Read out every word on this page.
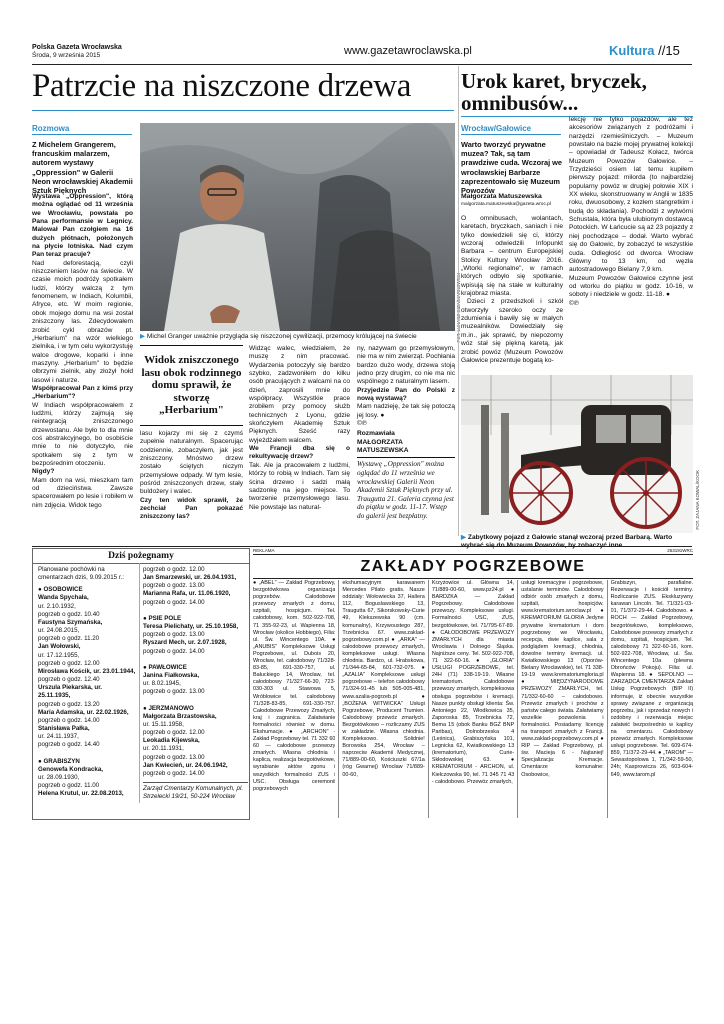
Polska Gazeta Wrocławska
Środa, 9 września 2015	www.gazetawroclawska.pl	Kultura //15
Patrzcie na niszczone drzewa
Rozmowa
Z Michelem Grangerem, francuskim malarzem, autorem wystawy „Oppression" w Galerii Neon wrocławskiej Akademii Sztuk Pięknych
Wystawa „Oppression", którą można oglądać od 11 września we Wrocławiu, powstała po Pana performansie w Legnicy. Malował Pan czołgiem na 16 dużych płótnach, położonych na płycie lotniska. Nad czym Pan teraz pracuje?
Nad deforestacją, czyli niszczeniem lasów na świecie. W czasie moich podróży spotkałem ludzi, którzy walczą z tym fenomenem, w Indiach, Kolumbii, Afryce, etc. W moim regionie, obok mojego domu na wsi został zniszczony las. Zdecydowałem zrobić cykl obrazów pt. „Herbarium" na wzór wielkiego zielnika, i w tym celu wykorzystuję walce drogowe, koparki i inne maszyny. „Herbarium" to będzie olbrzymi zielnik, aby złożył hołd lasowi i naturze.
Współpracował Pan z kimś przy „Herbarium"?
W Indiach współpracowałem z ludźmi, którzy zajmują się reintegracją zniszczonego drzewostanu. Ale było to dla mnie coś abstrakcyjnego, bo osobiście mnie to nie dotyczyło, nie spotkałem się z tym w bezpośrednim otoczeniu.
Nigdy?
Mam dom na wsi, mieszkam tam od dzieciństwa. Zawsze spacerowałem po lesie i robiłem w nim zdjęcia. Widok tego
▶ Michel Granger uważnie przygląda się niszczonej cywilizacji, przemocy królującej na świecie
Widok zniszczonego lasu obok rodzinnego domu sprawił, że stworzę „Herbarium"
lasu kojarzy mi się z czymś zupełnie naturalnym. Spacerując codziennie, zobaczyłem, jak jest zniszczony. Mnóstwo drzew zostało ściętych niczym przemysłowe odpady. W tym lesie, pośród zniszczonych drzew, stały buldożery i walec.
Czy ten widok sprawił, że zechciał Pan pokazać zniszczony las?
Widząc walec, wiedziałem, że muszę z nim pracować. Wydarzenia potoczyły się bardzo szybko, zadzwoniłem do kilku osób pracujących z walcami na co dzień, zaprosili mnie do współpracy. Wszystkie prace zrobiłem przy pomocy służb technicznych z Lyonu, gdzie skończyłem Akademię Sztuk Pięknych. Sześć razy wyjeżdżałem walcem.
We Francji dba się o rekultywację drzew?
Tak. Ale ja pracowałem z ludźmi, którzy to robią w Indiach. Tam się ścina drzewo i sadzi małą sadzonkę na jego miejsce. To tworzenie przemysłowego lasu. Nie powstaje las natural-
ny, nazywam go przemysłowym, nie ma w nim zwierząt. Pochłania bardzo dużo wody, drzewa stoją jedno przy drugim, co nie ma nic wspólnego z naturalnym lasem.
Przyjedzie Pan do Polski z nową wystawą?
Mam nadzieję, że tak się potoczą jej losy. ●
©℗
Rozmawiała
MAŁGORZATA MATUSZEWSKA
Wystawę „Oppression" można oglądać do 11 września we wrocławskiej Galerii Neon Akademii Sztuk Pięknych przy ul. Traugutta 21. Galeria czynna jest do piątku w godz. 11-17. Wstęp do galerii jest bezpłatny.
Urok karet, bryczek, omnibusów...
Wrocław/Gałowice
Warto tworzyć prywatne muzea? Tak, są tam prawdziwe cuda. Wczoraj we wrocławskiej Barbarze zaprezentowało się Muzeum Powozów
Małgorzata Matuszewska
malgorzata.matuszewska@gazeta.wroc.pl
O omnibusach, wolantach, karetach, bryczkach, saniach i nie tylko dowiedzieli się ci, którzy wczoraj odwiedzili Infopunkt Barbara – centrum Europejskiej Stolicy Kultury Wrocław 2016. „Wtorki regionalne", w ramach których odbyło się spotkanie, wpisują się na stałe w kulturalny krajobraz miasta.
Dzieci z przedszkoli i szkół otworzyły szeroko oczy ze zdumienia i bawiły się w małych muzealników. Dowiedziały się m.in., jak sprawić, by niepozorny wóz stał się piękną karetą, jak zrobić powóz (Muzeum Powozów Gałowice prezentuje bogatą ko-
lekcję nie tylko pojazdów, ale też akcesoriów związanych z podróżami i narzędzi rzemieślniczych. – Muzeum powstało na bazie mojej prywatnej kolekcji – opowiadał dr Tadeusz Kołacz, twórca Muzeum Powozów Gałowice. – Trzydzieści osiem lat temu kupiłem pierwszy pojazd: milorda (to najbardziej popularny powóz w drugiej połowie XIX i XX wieku, skonstruowany w Anglii w 1835 roku, dwuosobowy, z kozłem stangretkim i budą do składania). Pochodzi z wytwórni Schustala, która była ulubionym dostawcą Potockich. W Łańcucie są aż 23 pojazdy z niej pochodzące – dodał. Warto wybrać się do Gałowic, by zobaczyć te wszystkie cuda. Odległość od dworca Wrocław Główny to 13 km, od węzła autostradowego Bielany 7,9 km.
Muzeum Powozów Gałowice czynne jest od wtorku do piątku w godz. 10-16, w soboty i niedziele w godz. 11-18. ●
©℗
FOT. ZAJANA KOWAL/KOOK
▶ Zabytkowy pojazd z Gałowic stanął wczoraj przed Barbarą. Warto
Dziś pożegnamy
Planowane pochówki na cmentarzach dziś, 9.09.2015 r.:
● OSOBOWICE
Wanda Spychała,
ur. 2.10.1932,
pogrzeb o godz. 10.40
Faustyna Szymańska,
ur. 24.08.2015,
pogrzeb o godz. 11.20
Jan Wołowski,
ur. 17.12.1955,
pogrzeb o godz. 12.00
Mirosława Kościk, ur. 23.01.1944,
pogrzeb o godz. 12.40
Urszula Piekarska, ur. 25.11.1935,
pogrzeb o godz. 13.20
Maria Adamska, ur. 22.02.1926,
pogrzeb o godz. 14.00
Stanisława Pałka,
ur. 24.11.1937,
pogrzeb o godz. 14.40

● GRABISZYN
Genowefa Kondracka,
ur. 28.09.1930,
pogrzeb o godz. 11.00
Helena Krutul, ur. 22.08.2013,
pogrzeb o godz. 12.00
Jan Smarzewski, ur. 26.04.1931,
pogrzeb o godz. 13.00
Marianna Rafa, ur. 11.06.1920,
pogrzeb o godz. 14.00

● PSIE POLE
Teresa Pielichaty, ur. 25.10.1958,
pogrzeb o godz. 13.00
Ryszard Mech, ur. 2.07.1928,
pogrzeb o godz. 14.00

● PAWŁOWICE
Janina Fiałkowska,
ur. 8.02.1945,
pogrzeb o godz. 13.00

● JERZMANOWO
Małgorzata Brzastowska,
ur. 15.11.1958,
pogrzeb o godz. 12.00
Leokadia Kijewska,
ur. 20.11.1931,
pogrzeb o godz. 13.00
Jan Kwiecień, ur. 24.06.1942,
pogrzeb o godz. 14.00
Zarząd Cmentarzy Komunalnych, pl. Strzelecki 19/21, 50-224 Wrocław
REKLAMA	253191WRC
ZAKŁADY POGRZEBOWE
● „ABEL" — Zakład Pogrzebowy, bezgotówkowa organizacja pogrzebów. Całodobowe przewozy zmarłych z domu, szpitali, hospicjum. Tel. całodobowy, kom. 502-922-708, 71 355-92-23, ul. Wapienna 18, Wrocław (okolice Hobbiego), Filia: ul. Św. Wincentego 10A. ● „ANUBIS" Kompleksowe Usługi Pogrzebowe, ul. Dubois 20, Wrocław, tel. całodobowy 71/328-83-85, 691-330-757, ul. Bałuckiego 14, Wrocław, tel. całodobowy 71/327-66-30, 723-030-303 ul. Stawowa 5, Wróblowice tel. całodobowy 71/328-83-85, 691-330-757. Całodobowe Przewozy Zmarłych, kraj i zagranica. Załatwianie formalności również w domu. Ekshumacje. ● „ARCHON" - Zakład Pogrzebowy tel. 71 332 60 60 — całodobowe przewozy zmarłych. Własna chłodnia i kaplica, realizacja bezgotówkowe, wyrabianie aktów zgonu i wszystkich formalności ZUS i USC. Obsługa ceremonii pogrzebowych
ekshumacyjnym karawanem Mercedes Pilato gratis. Nasze oddziały: Wołowiecka 37, Hallera 112, Boguslawskiego 13, Traugutta 67, Sikorskowsky-Curie 49, Klekszewska 90 (cm. komunalny), Krzywoustego 287, Trzebnicka 67. www.zaklad-pogrzebowy.com.pl ● „ARKA" — całodobowe przewozy zmarłych, kompleksowe usługi. Własna chłodnia. Bardzo, ul. Hrabskowa, 71/344-65-84, 601-732-075. ● „AZALIA" Kompleksowe usługi pogrzebowe – telefon całodobowy 71/324-91-45 lub 505-005-481, www.azalia-pogrzeb.pl ● „BOŻENA WITWICKA" Usługi Pogrzebowe, Producent Trumien. Całodobowy przewóz zmarłych. Bezgotówkowo – rozliczamy ZUS w zakładzie. Własna chłodnia. Kompleksowo. Solidnie! Borowska 254, Wrocław – naprzeciw Akademii Medycznej, 71/889-00-60, Kościuszki 67/1a (róg Gwarnej) Wrocław 71/889-00-60,
Krzyżowice ul. Główna 14, 71/889-00-60, www.pz24.pl ● BARDZKA — Zakład Pogrzebowy. Całodobowe przewozy. Kompleksowe usługi. Formalności USC, ZUS, bezgotówkowe, tel. 71/795-67-89. ● CAŁODOBOWE PRZEWOZY ZMARŁYCH dla miasta Wrocławia i Dolnego Śląska. Najniższe ceny. Tel. 502-922-708, 71 322-60-16. ● „GLORIA" USŁUGI POGRZEBOWE, tel. 24H (71) 338-19-19. Własne krematorium. Całodobowe przewozy zmarłych, kompleksowa obsługa pogrzebów i kremacji. Nasze punkty obsługi klienta: Św. Antoniego 22, Włodkowica 35, Zaporoska 85, Trzebnicka 72, Bema 15 (obok Banku BGŻ BNP Paribas), Dolnobrzeska 4 (Leśnica), Grabiszyńska 101, Legnicka 62, Kwiatkowskiego 13 (krematorium), Curie-Skłodowskiej 63. ● KREMATORIUM - ARCHON, ul. Kiełczowska 90, tel. 71 345 71 43 - całodobowo. Przewóz zmarłych,
usługi kremacyjne i pogrzebowe, ustalanie terminów. Całodobowy odbiór osób zmarłych z domu, szpitali, hospicjów. www.krematorium.wroclaw.pl ● KREMATORIUM GLORIA Jedyne prywatne krematorium i dom pogrzebowy we Wrocławiu, recepcja, dwie kaplice, sala z podglądem kremacji, chłodnia, dowolne terminy kremacji. ul. Kwiatkowskiego 13 (Oporów-Bielany Wrocławskie), tel. 71 338-19-19 www.krematoriumgloria.pl ● MIĘDZYNARODOWE PRZEWOZY ZMARŁYCH, tel. 71/332-60-60 – całodobowo. Przewóz zmarłych i prochów z państw całego świata. Załatwiamy wszelkie pozwolenia i formalności. Posiadamy licencję na transport zmarłych z Francji. www.zaklad-pogrzebowy.com.pl ● RIP — Zakład Pogrzebowy, pl. św. Macieja 6 - Najtaniej! Specjalizacja: Kremacje. Cmentarze komunalne: Osobowice,
Grabiszyn, parafialne. Rezerwacje i kościół terminy. Rozliczanie ZUS. Ekskluzywny karawan Lincoln. Tel. 71/321-03-01, 71/372-29-44. Całodobowo. ● ROCH — Zakład Pogrzebowy, bezgotówkowo, kompleksowo, Całodobowe przewozy zmarłych z domu, szpitali, hospicjum. Tel. całodobowy 71 322-60-16, kom. 502-922-708, Wrocław, ul. Św. Wincentego 10a (plewna Obrońców Pokoju). Filia: ul. Wapienna 18. ● SEPOLNO — ZARZĄDCA CMENTARZA Zakład Usług Pogrzebowych (BIP II) informuje, iż obecnie wszystkie sprawy związane z organizacją pogrzebu, jak i sprzedaż nowych i ozdobny i rezerwacja miejsc załatwić bezpośrednio w kaplicy na cmentarzu. Całodobowy przewóz zmarłych. Kompleksowe usługi pogrzebowe. Tel. 609-674-859, 71/372-29-44. ● „TAROM" — Sewastopolowa 1, 71/342-59-50, 24h; Kasprowicza 26, 603-604-649, www.tarom.pl
